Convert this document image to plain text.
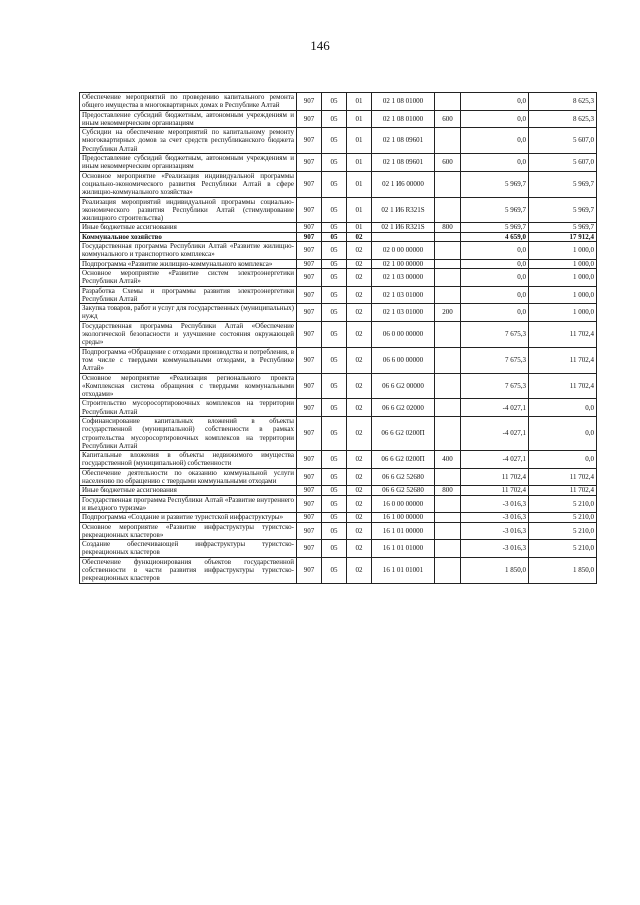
146
Обеспечение мероприятий по проведению капитального ремонта общего имущества в многоквартирных домах в Республике Алтай	907	05	01	02 1 08 01000		0,0	8 625,3
Предоставление субсидий бюджетным, автономным учреждениям и иным некоммерческим организациям	907	05	01	02 1 08 01000	600	0,0	8 625,3
Субсидии на обеспечение мероприятий по капитальному ремонту многоквартирных домов за счет средств республиканского бюджета Республики Алтай	907	05	01	02 1 08 09601		0,0	5 607,0
Предоставление субсидий бюджетным, автономным учреждениям и иным некоммерческим организациям	907	05	01	02 1 08 09601	600	0,0	5 607,0
Основное мероприятие «Реализация индивидуальной программы социально-экономического развития Республики Алтай в сфере жилищно-коммунального хозяйства»	907	05	01	02 1 И6 00000		5 969,7	5 969,7
Реализация мероприятий индивидуальной программы социально-экономического развития Республики Алтай (стимулирование жилищного строительства)	907	05	01	02 1 И6 R321S		5 969,7	5 969,7
Иные бюджетные ассигнования	907	05	01	02 1 И6 R321S	800	5 969,7	5 969,7
Коммунальное хозяйство	907	05	02			4 659,0	17 912,4
Государственная программа Республики Алтай «Развитие жилищно-коммунального и транспортного комплекса»	907	05	02	02 0 00 00000		0,0	1 000,0
Подпрограмма «Развитие жилищно-коммунального комплекса»	907	05	02	02 1 00 00000		0,0	1 000,0
Основное мероприятие «Развитие систем электроэнергетики Республики Алтай»	907	05	02	02 1 03 00000		0,0	1 000,0
Разработка Схемы и программы развития электроэнергетики Республики Алтай	907	05	02	02 1 03 01000		0,0	1 000,0
Закупка товаров, работ и услуг для государственных (муниципальных) нужд	907	05	02	02 1 03 01000	200	0,0	1 000,0
Государственная программа Республики Алтай «Обеспечение экологической безопасности и улучшение состояния окружающей среды»	907	05	02	06 0 00 00000		7 675,3	11 702,4
Подпрограмма «Обращение с отходами производства и потребления, в том числе с твердыми коммунальными отходами, в Республике Алтай»	907	05	02	06 6 00 00000		7 675,3	11 702,4
Основное мероприятие «Реализация регионального проекта «Комплексная система обращения с твердыми коммунальными отходами»	907	05	02	06 6 G2 00000		7 675,3	11 702,4
Строительство мусоросортировочных комплексов на территории Республики Алтай	907	05	02	06 6 G2 02000		-4 027,1	0,0
Софинансирование капитальных вложений в объекты государственной (муниципальной) собственности в рамках строительства мусоросортировочных комплексов на территории Республики Алтай	907	05	02	06 6 G2 0200П		-4 027,1	0,0
Капитальные вложения в объекты недвижимого имущества государственной (муниципальной) собственности	907	05	02	06 6 G2 0200П	400	-4 027,1	0,0
Обеспечение деятельности по оказанию коммунальной услуги населению по обращению с твердыми коммунальными отходами	907	05	02	06 6 G2 52680		11 702,4	11 702,4
Иные бюджетные ассигнования	907	05	02	06 6 G2 52680	800	11 702,4	11 702,4
Государственная программа Республики Алтай «Развитие внутреннего и въездного туризма»	907	05	02	16 0 00 00000		-3 016,3	5 210,0
Подпрограмма «Создание и развитие туристской инфраструктуры»	907	05	02	16 1 00 00000		-3 016,3	5 210,0
Основное мероприятие «Развитие инфраструктуры туристско-рекреационных кластеров»	907	05	02	16 1 01 00000		-3 016,3	5 210,0
Создание обеспечивающей инфраструктуры туристско-рекреационных кластеров	907	05	02	16 1 01 01000		-3 016,3	5 210,0
Обеспечение функционирования объектов государственной собственности в части развития инфраструктуры туристско-рекреационных кластеров	907	05	02	16 1 01 01001		1 850,0	1 850,0
